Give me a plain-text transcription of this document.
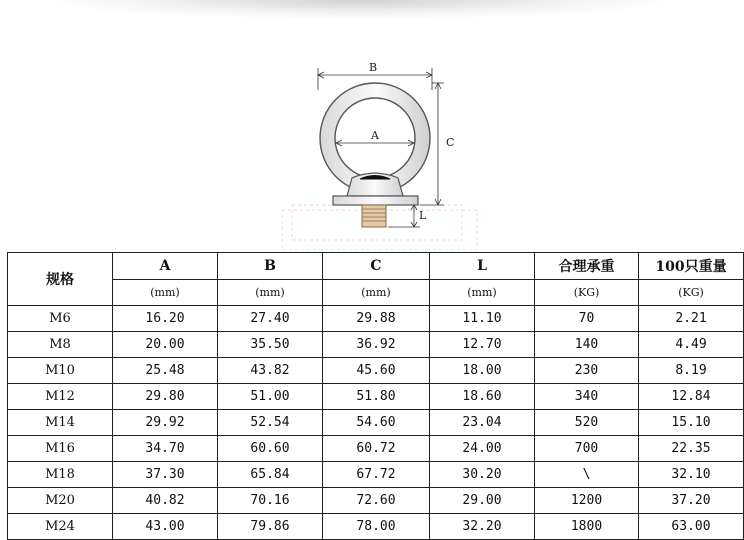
B
A
C
L
规格	A	B	C	L	合理承重	100只重量
	(mm)	(mm)	(mm)	(mm)	(KG)	(KG)
M6	16.20	27.40	29.88	11.10	70	2.21
M8	20.00	35.50	36.92	12.70	140	4.49
M10	25.48	43.82	45.60	18.00	230	8.19
M12	29.80	51.00	51.80	18.60	340	12.84
M14	29.92	52.54	54.60	23.04	520	15.10
M16	34.70	60.60	60.72	24.00	700	22.35
M18	37.30	65.84	67.72	30.20	\	32.10
M20	40.82	70.16	72.60	29.00	1200	37.20
M24	43.00	79.86	78.00	32.20	1800	63.00
